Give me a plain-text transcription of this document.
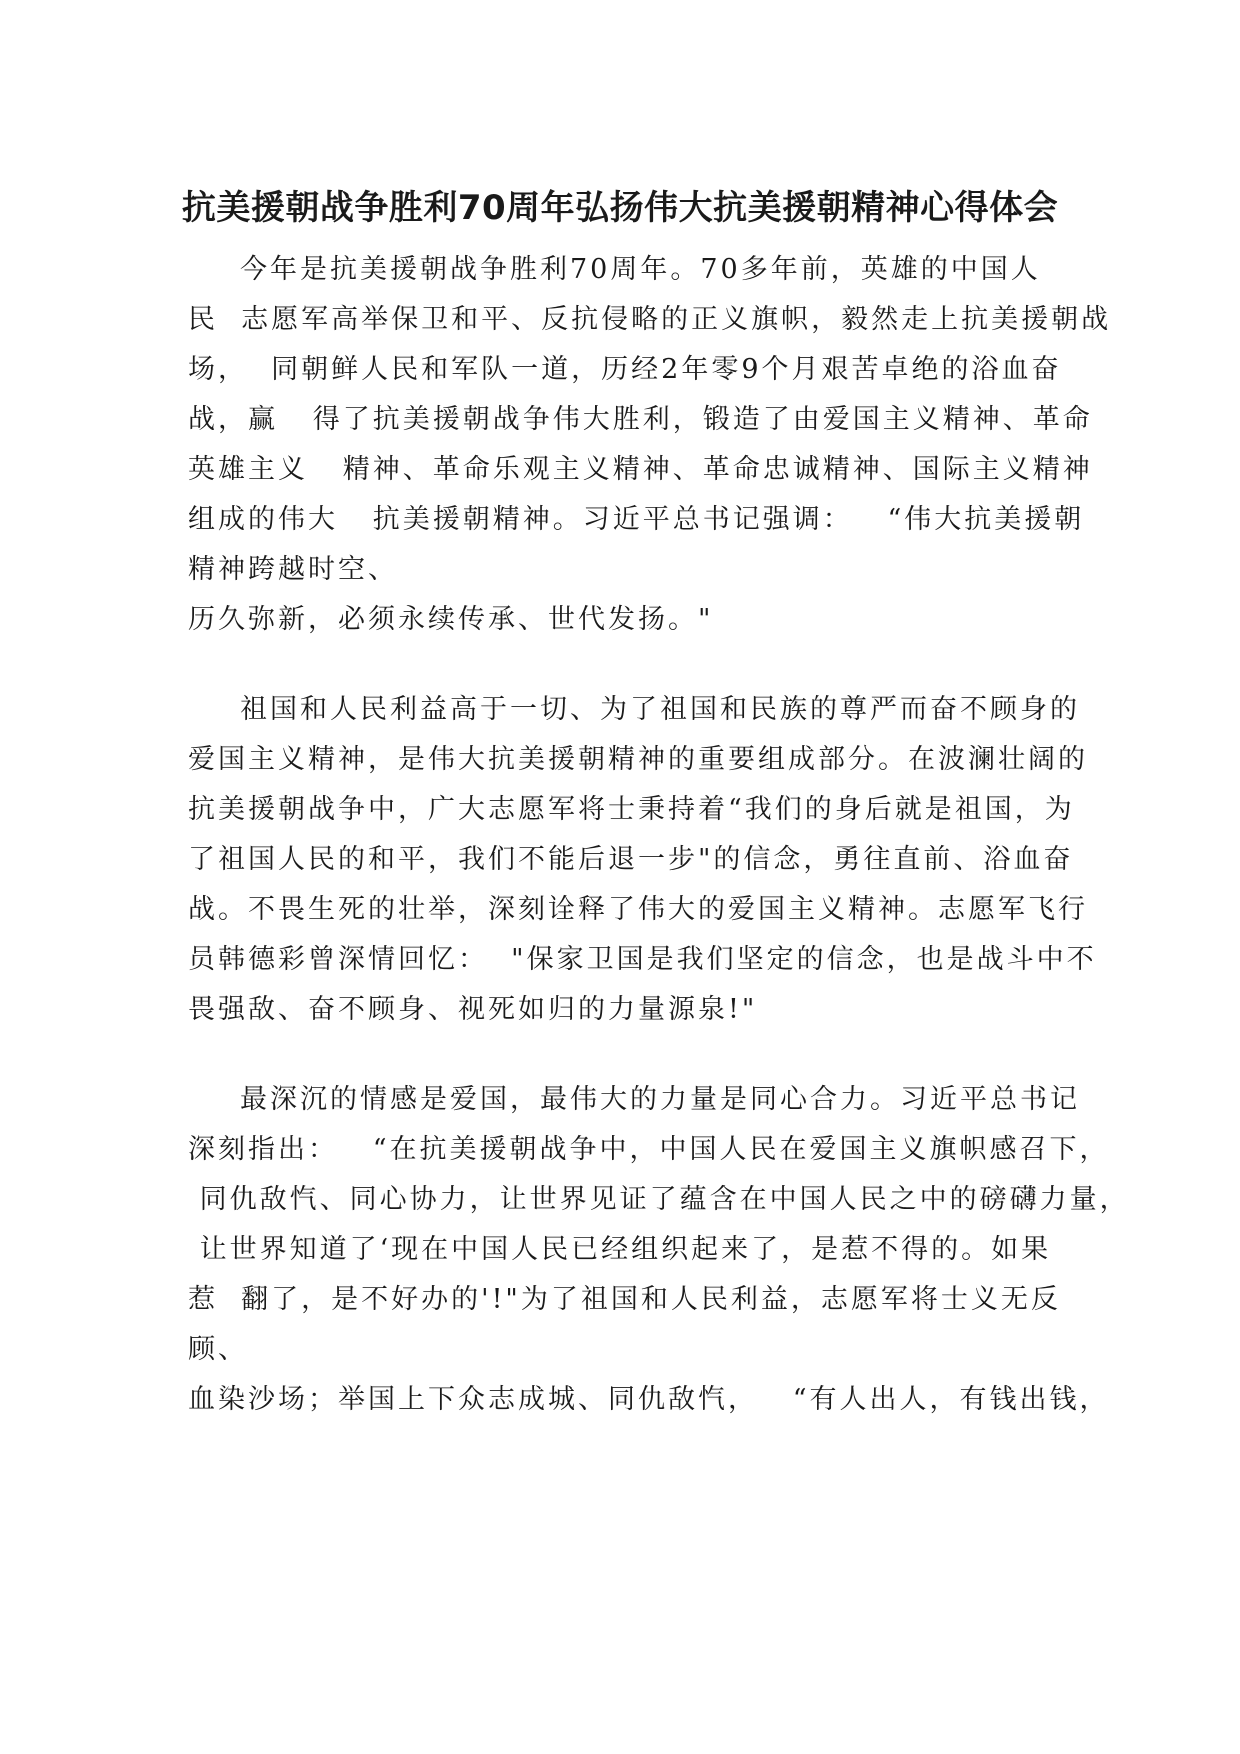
抗美援朝战争胜利70周年弘扬伟大抗美援朝精神心得体会

今年是抗美援朝战争胜利70周年。70多年前，英雄的中国人

民  志愿军高举保卫和平、反抗侵略的正义旗帜，毅然走上抗美援朝战

场，  同朝鲜人民和军队一道，历经2年零9个月艰苦卓绝的浴血奋

战，赢   得了抗美援朝战争伟大胜利，锻造了由爱国主义精神、革命

英雄主义   精神、革命乐观主义精神、革命忠诚精神、国际主义精神

组成的伟大   抗美援朝精神。习近平总书记强调：   “伟大抗美援朝

精神跨越时空、

历久弥新，必须永续传承、世代发扬。"

祖国和人民利益高于一切、为了祖国和民族的尊严而奋不顾身的

爱国主义精神，是伟大抗美援朝精神的重要组成部分。在波澜壮阔的

抗美援朝战争中，广大志愿军将士秉持着“我们的身后就是祖国，为

了祖国人民的和平，我们不能后退一步"的信念，勇往直前、浴血奋

战。不畏生死的壮举，深刻诠释了伟大的爱国主义精神。志愿军飞行

员韩德彩曾深情回忆：  "保家卫国是我们坚定的信念，也是战斗中不

畏强敌、奋不顾身、视死如归的力量源泉!"

最深沉的情感是爱国，最伟大的力量是同心合力。习近平总书记

深刻指出：   “在抗美援朝战争中，中国人民在爱国主义旗帜感召下，

同仇敌忾、同心协力，让世界见证了蕴含在中国人民之中的磅礴力量，

让世界知道了‘现在中国人民已经组织起来了，是惹不得的。如果

惹  翻了，是不好办的'!"为了祖国和人民利益，志愿军将士义无反

顾、

血染沙场；举国上下众志成城、同仇敌忾，   “有人出人，有钱出钱，
